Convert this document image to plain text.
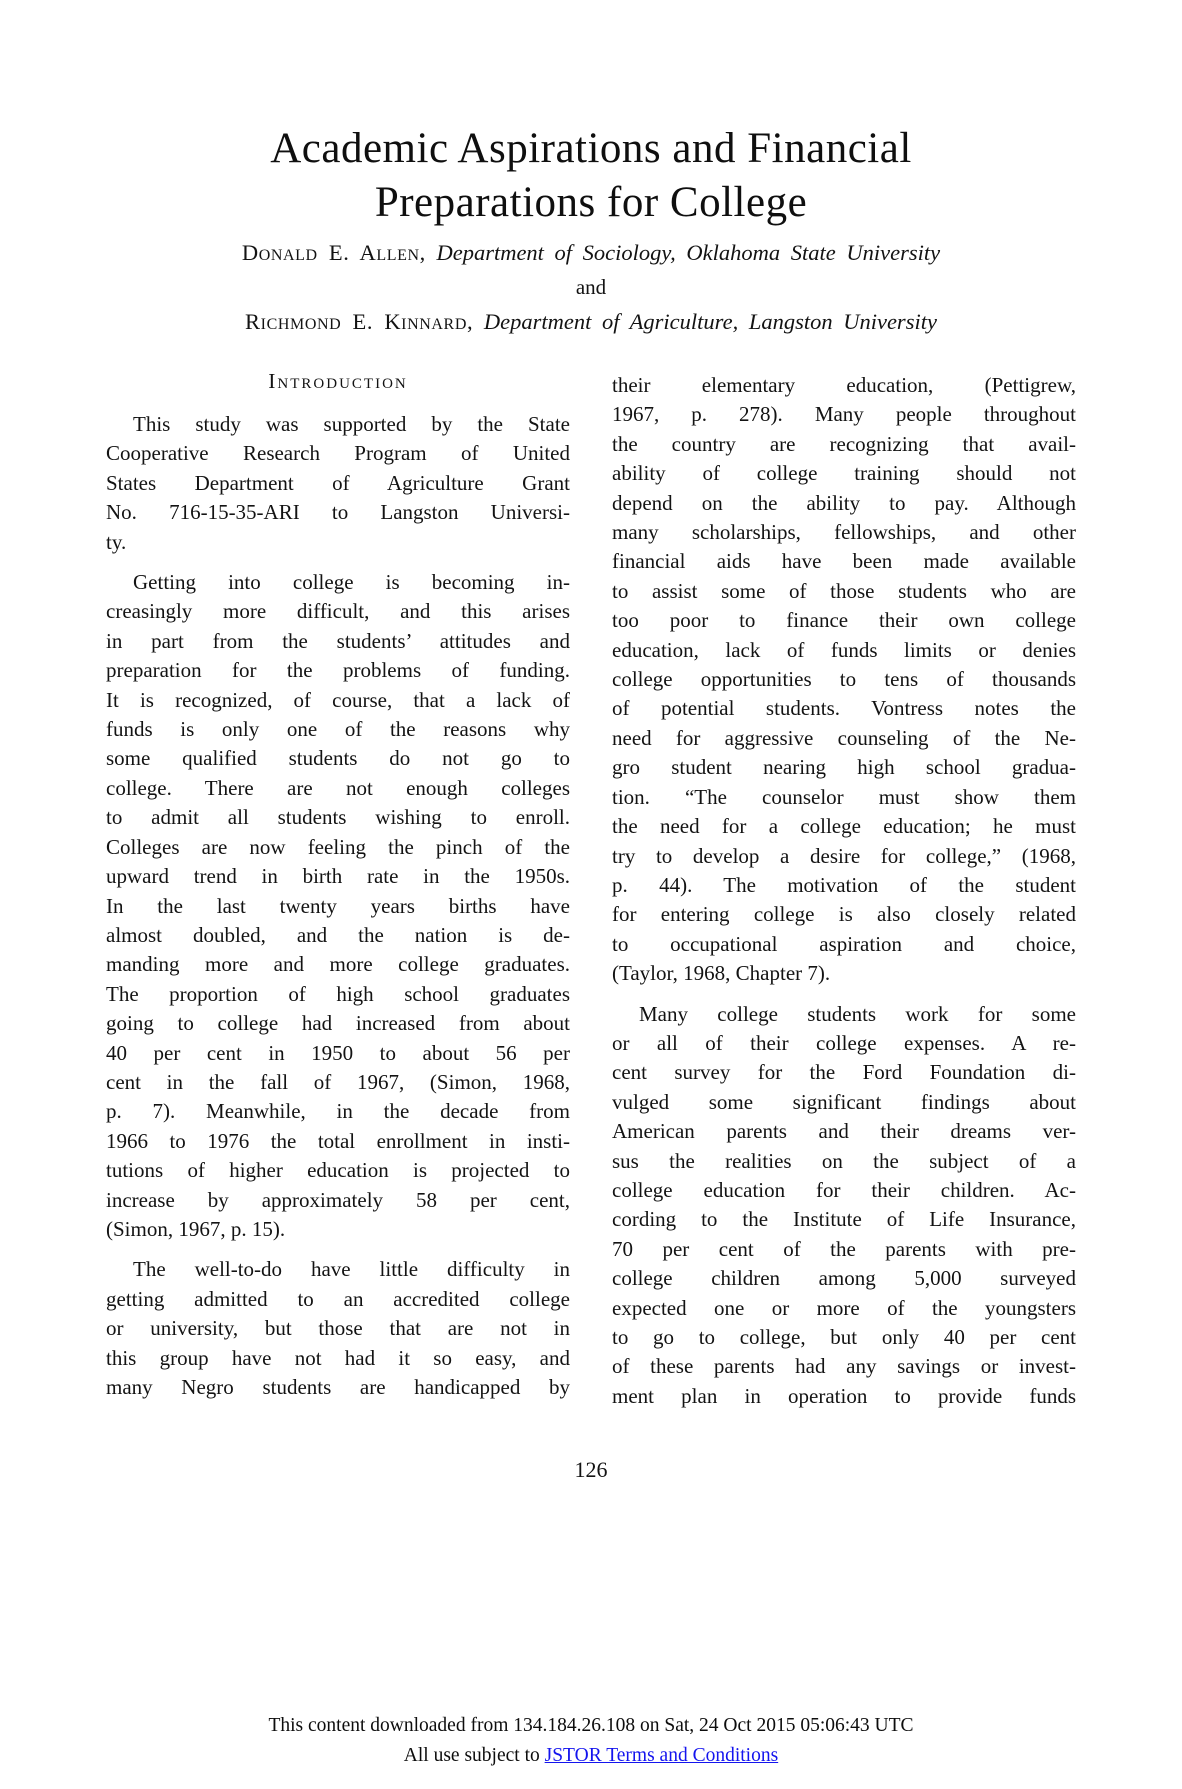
Academic Aspirations and Financial
Preparations for College
Donald E. Allen, Department of Sociology, Oklahoma State University
and
Richmond E. Kinnard, Department of Agriculture, Langston University
Introduction
This study was supported by the State
Cooperative Research Program of United
States Department of Agriculture Grant
No. 716-15-35-ARI to Langston Universi-
ty.
Getting into college is becoming in-
creasingly more difficult, and this arises
in part from the students’ attitudes and
preparation for the problems of funding.
It is recognized, of course, that a lack of
funds is only one of the reasons why
some qualified students do not go to
college. There are not enough colleges
to admit all students wishing to enroll.
Colleges are now feeling the pinch of the
upward trend in birth rate in the 1950s.
In the last twenty years births have
almost doubled, and the nation is de-
manding more and more college graduates.
The proportion of high school graduates
going to college had increased from about
40 per cent in 1950 to about 56 per
cent in the fall of 1967, (Simon, 1968,
p. 7). Meanwhile, in the decade from
1966 to 1976 the total enrollment in insti-
tutions of higher education is projected to
increase by approximately 58 per cent,
(Simon, 1967, p. 15).
The well-to-do have little difficulty in
getting admitted to an accredited college
or university, but those that are not in
this group have not had it so easy, and
many Negro students are handicapped by
their elementary education, (Pettigrew,
1967, p. 278). Many people throughout
the country are recognizing that avail-
ability of college training should not
depend on the ability to pay. Although
many scholarships, fellowships, and other
financial aids have been made available
to assist some of those students who are
too poor to finance their own college
education, lack of funds limits or denies
college opportunities to tens of thousands
of potential students. Vontress notes the
need for aggressive counseling of the Ne-
gro student nearing high school gradua-
tion. “The counselor must show them
the need for a college education; he must
try to develop a desire for college,” (1968,
p. 44). The motivation of the student
for entering college is also closely related
to occupational aspiration and choice,
(Taylor, 1968, Chapter 7).
Many college students work for some
or all of their college expenses. A re-
cent survey for the Ford Foundation di-
vulged some significant findings about
American parents and their dreams ver-
sus the realities on the subject of a
college education for their children. Ac-
cording to the Institute of Life Insurance,
70 per cent of the parents with pre-
college children among 5,000 surveyed
expected one or more of the youngsters
to go to college, but only 40 per cent
of these parents had any savings or invest-
ment plan in operation to provide funds
126
This content downloaded from 134.184.26.108 on Sat, 24 Oct 2015 05:06:43 UTC
All use subject to JSTOR Terms and Conditions
